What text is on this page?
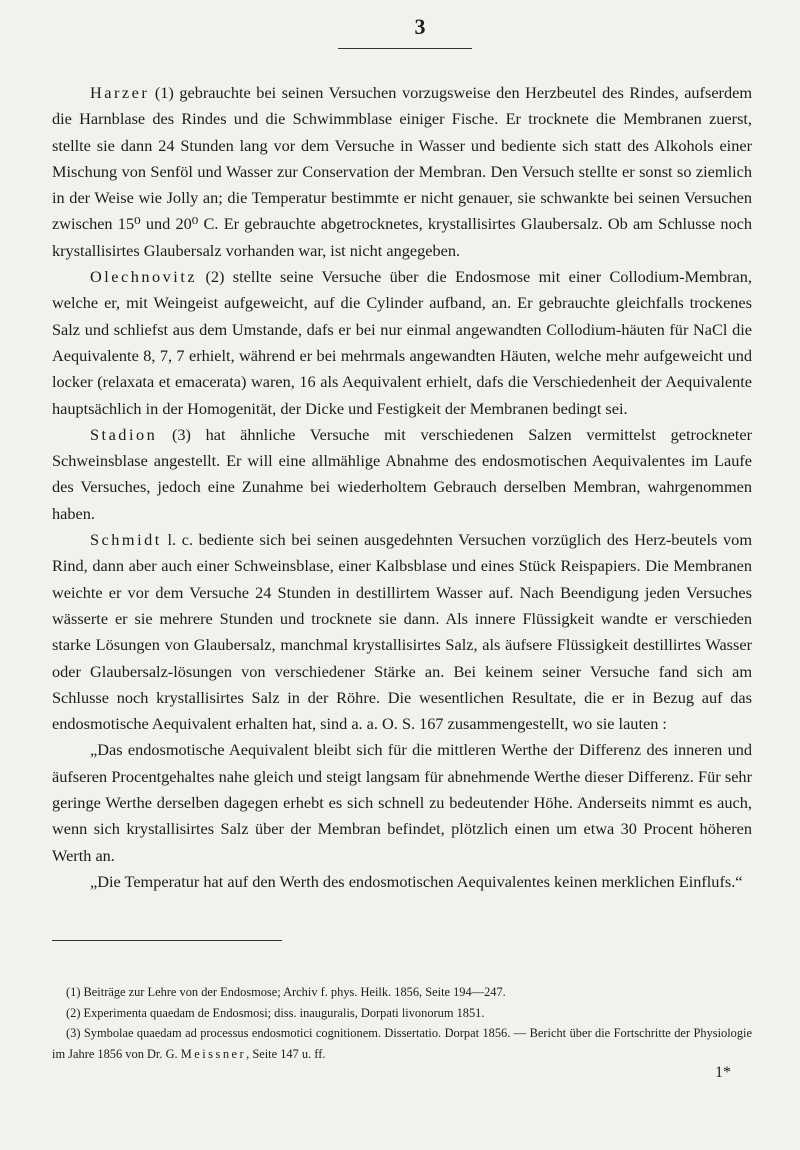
3

Harzer (1) gebrauchte bei seinen Versuchen vorzugsweise den Herzbeutel des Rindes, aufserdem die Harnblase des Rindes und die Schwimmblase einiger Fische. Er trocknete die Membranen zuerst, stellte sie dann 24 Stunden lang vor dem Versuche in Wasser und bediente sich statt des Alkohols einer Mischung von Senföl und Wasser zur Conservation der Membran. Den Versuch stellte er sonst so ziemlich in der Weise wie Jolly an; die Temperatur bestimmte er nicht genauer, sie schwankte bei seinen Versuchen zwischen 15⁰ und 20⁰ C. Er gebrauchte abgetrocknetes, krystallisirtes Glaubersalz. Ob am Schlusse noch krystallisirtes Glaubersalz vorhanden war, ist nicht angegeben.

Olechnovitz (2) stellte seine Versuche über die Endosmose mit einer Collodium-Membran, welche er, mit Weingeist aufgeweicht, auf die Cylinder aufband, an. Er gebrauchte gleichfalls trockenes Salz und schliefst aus dem Umstande, dafs er bei nur einmal angewandten Collodium-häuten für NaCl die Aequivalente 8, 7, 7 erhielt, während er bei mehrmals angewandten Häuten, welche mehr aufgeweicht und locker (relaxata et emacerata) waren, 16 als Aequivalent erhielt, dafs die Verschiedenheit der Aequivalente hauptsächlich in der Homogenität, der Dicke und Festigkeit der Membranen bedingt sei.

Stadion (3) hat ähnliche Versuche mit verschiedenen Salzen vermittelst getrockneter Schweinsblase angestellt. Er will eine allmählige Abnahme des endosmotischen Aequivalentes im Laufe des Versuches, jedoch eine Zunahme bei wiederholtem Gebrauch derselben Membran, wahrgenommen haben.

Schmidt l. c. bediente sich bei seinen ausgedehnten Versuchen vorzüglich des Herz-beutels vom Rind, dann aber auch einer Schweinsblase, einer Kalbsblase und eines Stück Reispapiers. Die Membranen weichte er vor dem Versuche 24 Stunden in destillirtem Wasser auf. Nach Beendigung jeden Versuches wässerte er sie mehrere Stunden und trocknete sie dann. Als innere Flüssigkeit wandte er verschieden starke Lösungen von Glaubersalz, manchmal krystallisirtes Salz, als äufsere Flüssigkeit destillirtes Wasser oder Glaubersalz-lösungen von verschiedener Stärke an. Bei keinem seiner Versuche fand sich am Schlusse noch krystallisirtes Salz in der Röhre. Die wesentlichen Resultate, die er in Bezug auf das endosmotische Aequivalent erhalten hat, sind a. a. O. S. 167 zusammengestellt, wo sie lauten :

„Das endosmotische Aequivalent bleibt sich für die mittleren Werthe der Differenz des inneren und äufseren Procentgehaltes nahe gleich und steigt langsam für abnehmende Werthe dieser Differenz. Für sehr geringe Werthe derselben dagegen erhebt es sich schnell zu bedeutender Höhe. Anderseits nimmt es auch, wenn sich krystallisirtes Salz über der Membran befindet, plötzlich einen um etwa 30 Procent höheren Werth an.

„Die Temperatur hat auf den Werth des endosmotischen Aequivalentes keinen merklichen Einflufs.“

(1) Beiträge zur Lehre von der Endosmose; Archiv f. phys. Heilk. 1856, Seite 194—247.

(2) Experimenta quaedam de Endosmosi; diss. inauguralis, Dorpati livonorum 1851.

(3) Symbolae quaedam ad processus endosmotici cognitionem. Dissertatio. Dorpat 1856. — Bericht über die Fortschritte der Physiologie im Jahre 1856 von Dr. G. Meissner, Seite 147 u. ff.

1*
